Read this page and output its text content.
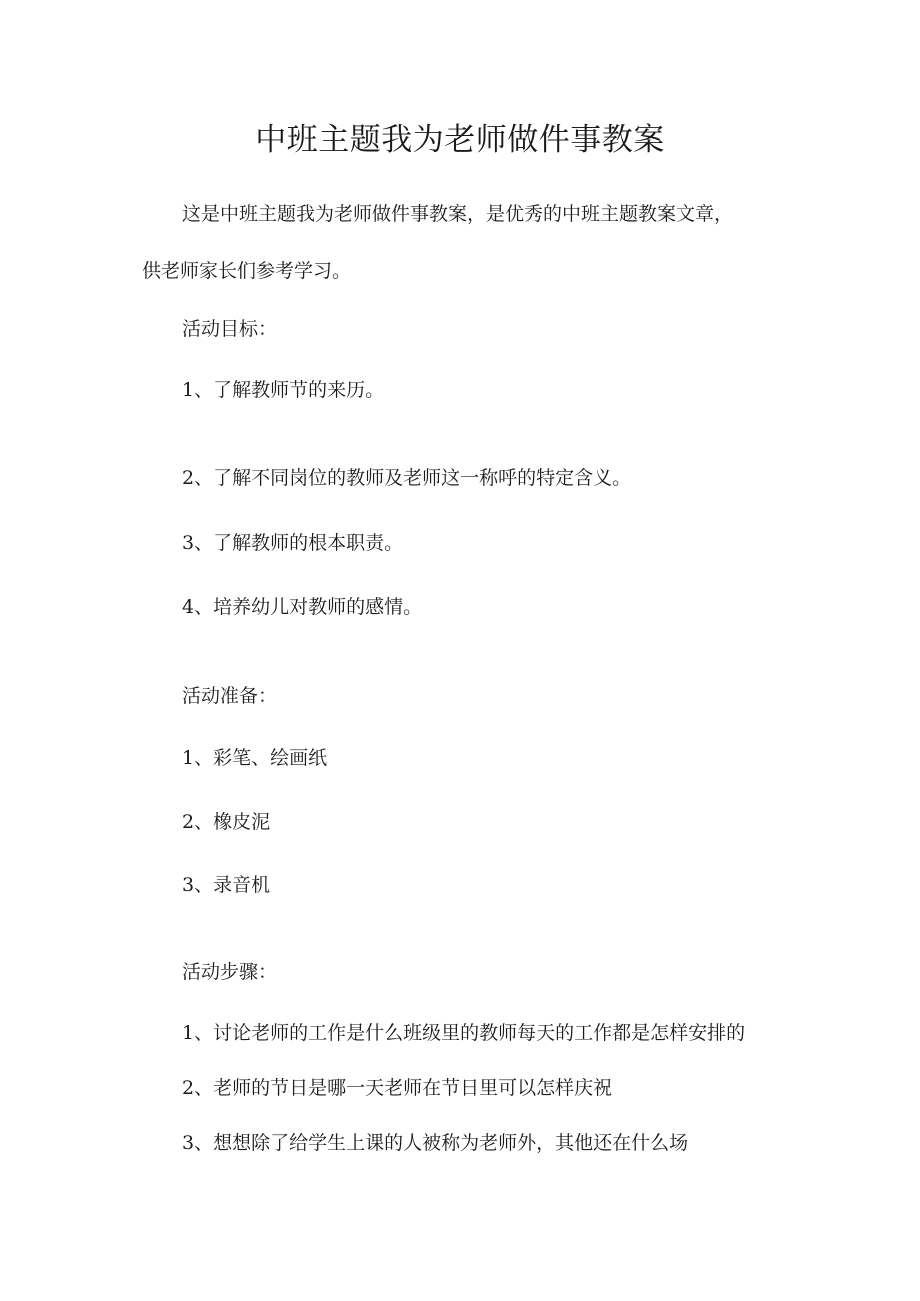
中班主题我为老师做件事教案
这是中班主题我为老师做件事教案，是优秀的中班主题教案文章，
供老师家长们参考学习。
活动目标：
1、了解教师节的来历。
2、了解不同岗位的教师及老师这一称呼的特定含义。
3、了解教师的根本职责。
4、培养幼儿对教师的感情。
活动准备：
1、彩笔、绘画纸
2、橡皮泥
3、录音机
活动步骤：
1、讨论老师的工作是什么班级里的教师每天的工作都是怎样安排的
2、老师的节日是哪一天老师在节日里可以怎样庆祝
3、想想除了给学生上课的人被称为老师外，其他还在什么场
